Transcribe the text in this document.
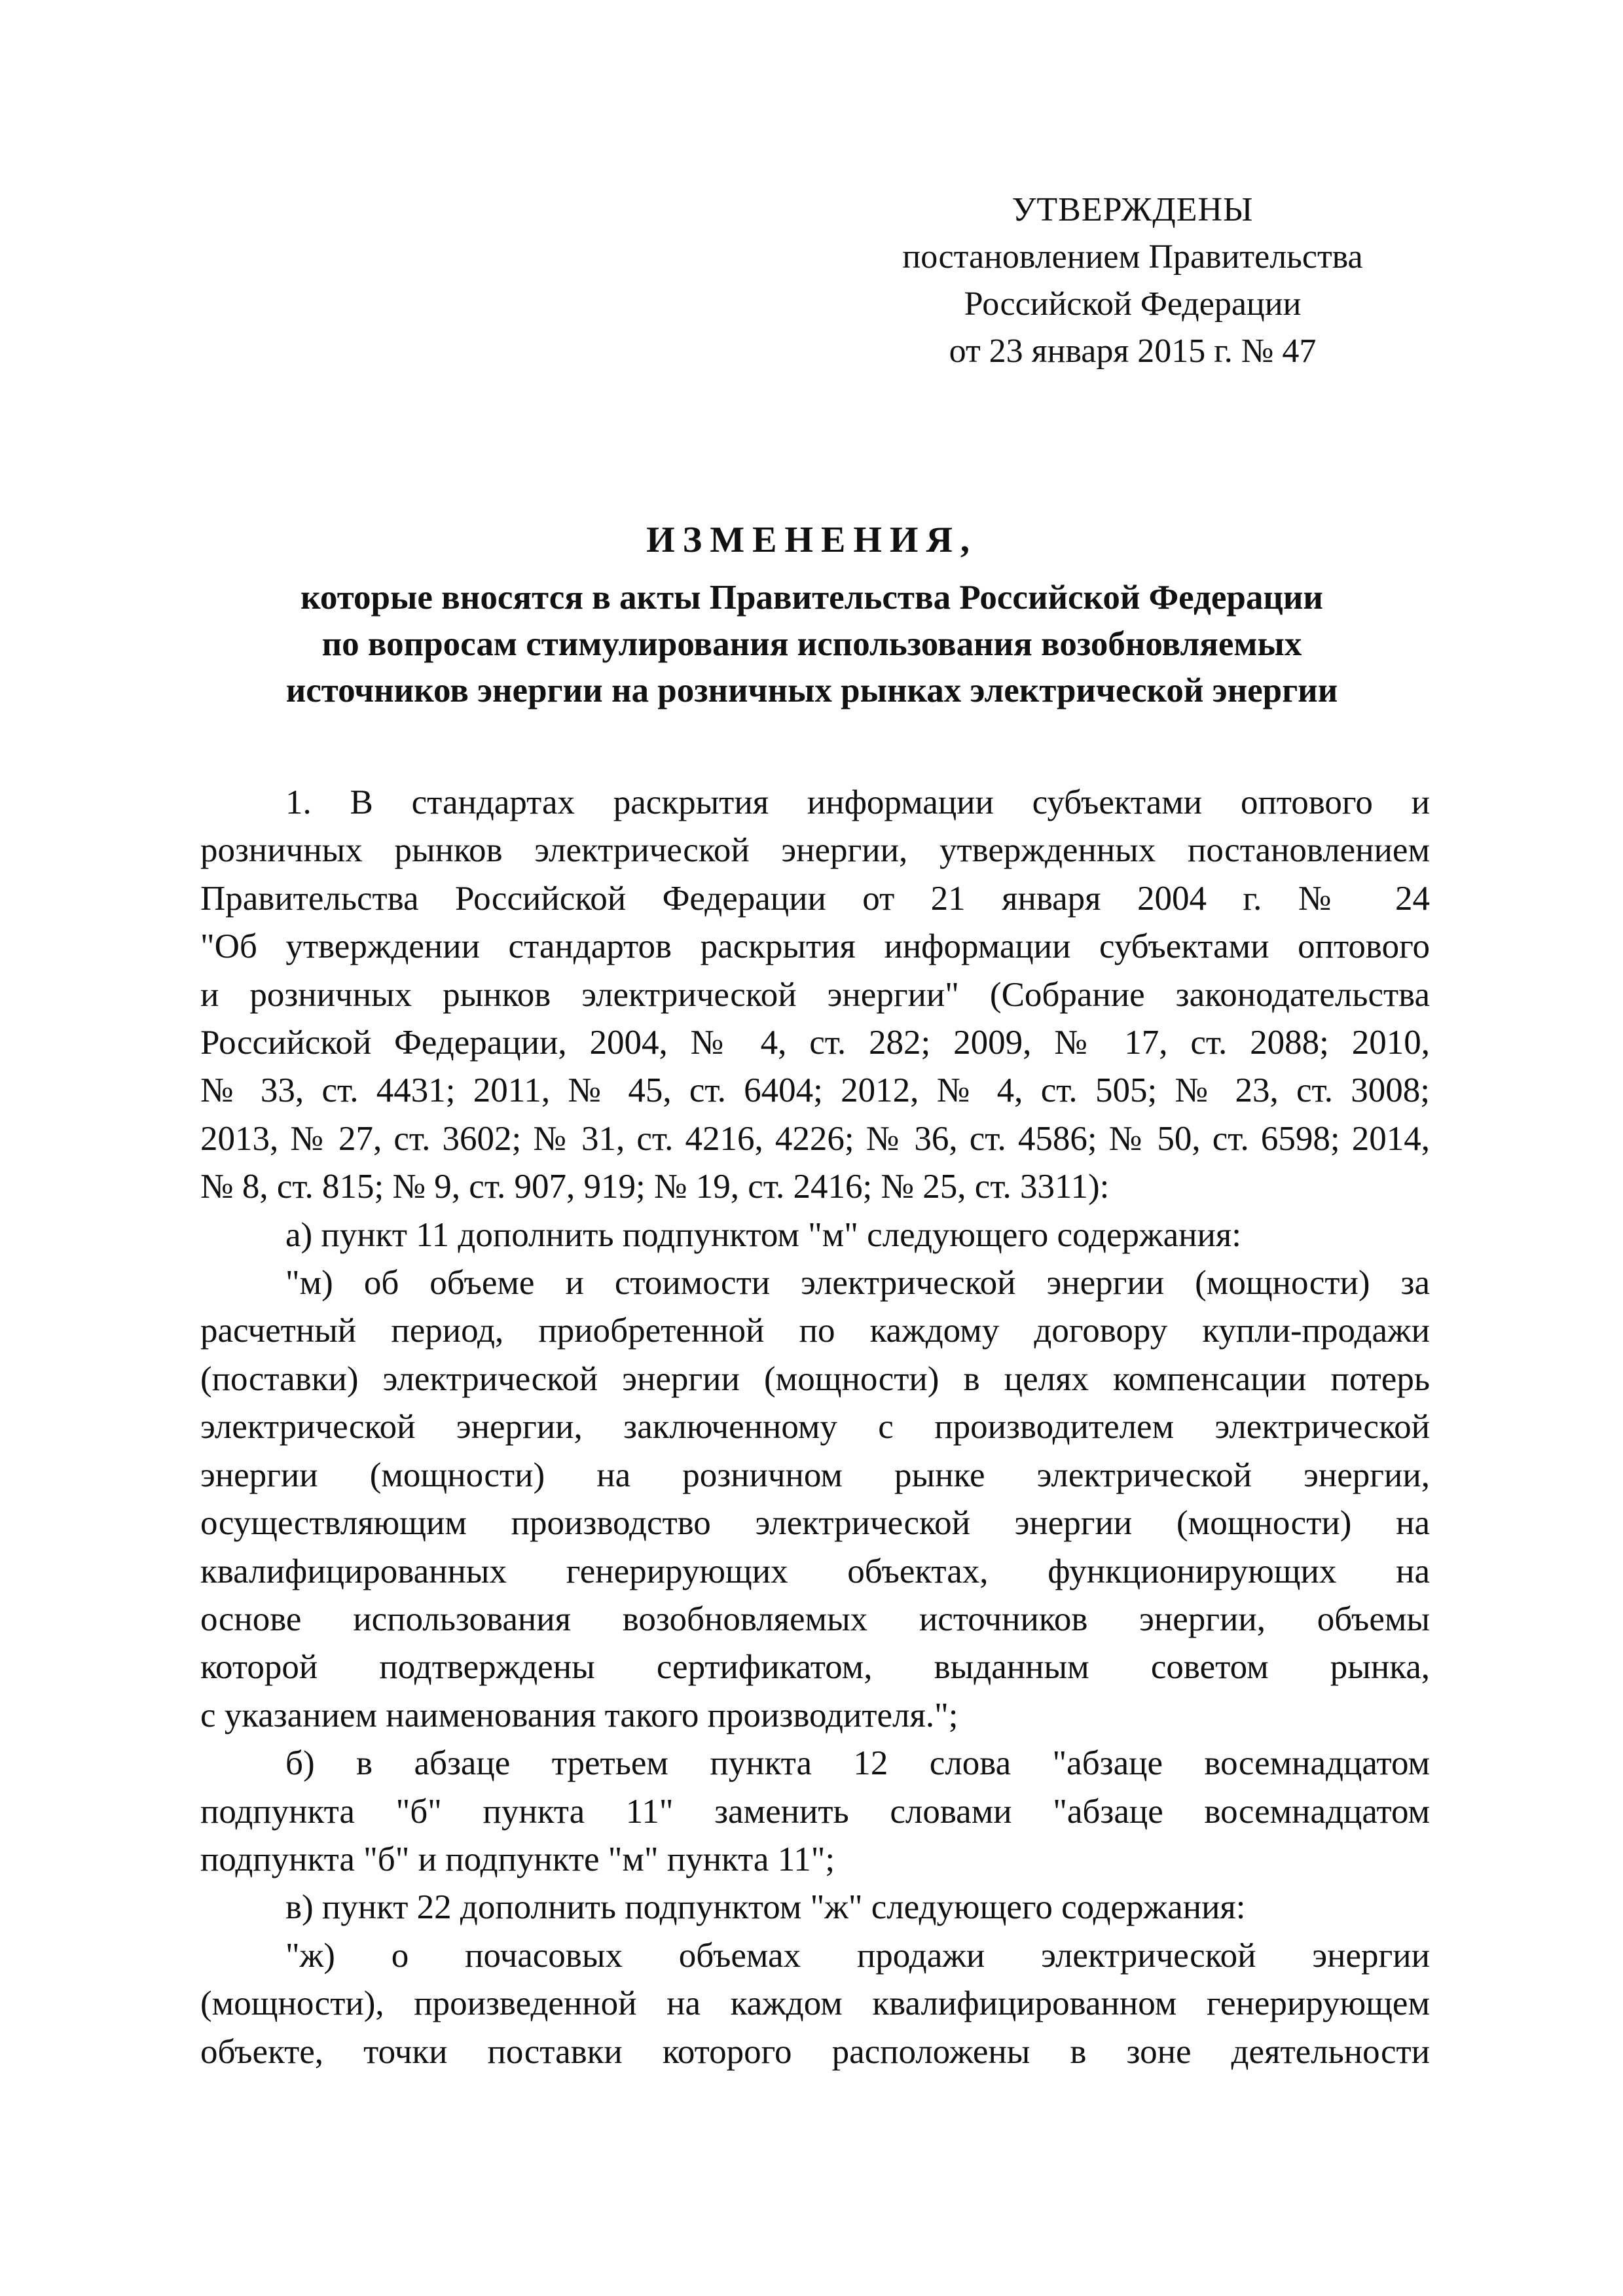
УТВЕРЖДЕНЫ
постановлением Правительства
Российской Федерации
от 23 января 2015 г. № 47
ИЗМЕНЕНИЯ,
которые вносятся в акты Правительства Российской Федерации
по вопросам стимулирования использования возобновляемых
источников энергии на розничных рынках электрической энергии
1. В стандартах раскрытия информации субъектами оптового и
розничных рынков электрической энергии, утвержденных постановлением
Правительства Российской Федерации от 21 января 2004 г. № 24
"Об утверждении стандартов раскрытия информации субъектами оптового
и розничных рынков электрической энергии" (Собрание законодательства
Российской Федерации, 2004, № 4, ст. 282; 2009, № 17, ст. 2088; 2010,
№ 33, ст. 4431; 2011, № 45, ст. 6404; 2012, № 4, ст. 505; № 23, ст. 3008;
2013, № 27, ст. 3602; № 31, ст. 4216, 4226; № 36, ст. 4586; № 50, ст. 6598; 2014,
№ 8, ст. 815; № 9, ст. 907, 919; № 19, ст. 2416; № 25, ст. 3311):
а) пункт 11 дополнить подпунктом "м" следующего содержания:
"м) об объеме и стоимости электрической энергии (мощности) за
расчетный период, приобретенной по каждому договору купли-продажи
(поставки) электрической энергии (мощности) в целях компенсации потерь
электрической энергии, заключенному с производителем электрической
энергии (мощности) на розничном рынке электрической энергии,
осуществляющим производство электрической энергии (мощности) на
квалифицированных генерирующих объектах, функционирующих на
основе использования возобновляемых источников энергии, объемы
которой подтверждены сертификатом, выданным советом рынка,
с указанием наименования такого производителя.";
б) в абзаце третьем пункта 12 слова "абзаце восемнадцатом
подпункта "б" пункта 11" заменить словами "абзаце восемнадцатом
подпункта "б" и подпункте "м" пункта 11";
в) пункт 22 дополнить подпунктом "ж" следующего содержания:
"ж) о почасовых объемах продажи электрической энергии
(мощности), произведенной на каждом квалифицированном генерирующем
объекте, точки поставки которого расположены в зоне деятельности
